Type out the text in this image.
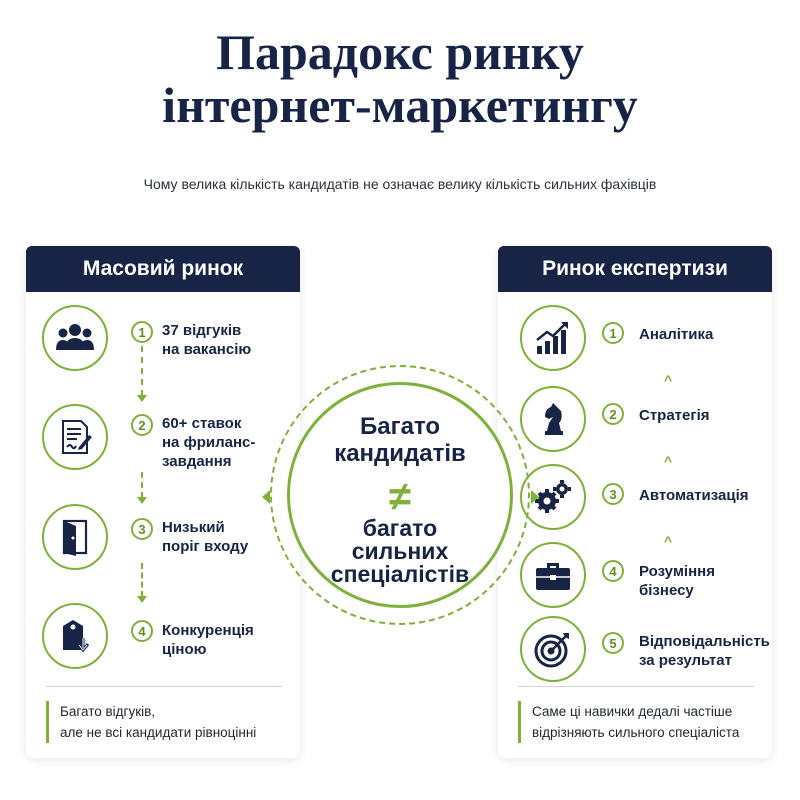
Парадокс ринку
інтернет-маркетингу
Чому велика кількість кандидатів не означає велику кількість сильних фахівців
Масовий ринок
1	37 відгуків
на вакансію
2	60+ ставок
на фриланс-
завдання
3	Низький
поріг входу
4	Конкуренція
ціною
Багато відгуків,
але не всі кандидати рівноцінні
Ринок експертизи
1	Аналітика
^
2	Стратегія
^
3	Автоматизація
^
4	Розуміння
бізнесу
5	Відповідальність
за результат
Саме ці навички дедалі частіше
відрізняють сильного спеціаліста
Багато
кандидатів
≠
багато
сильних
спеціалістів
